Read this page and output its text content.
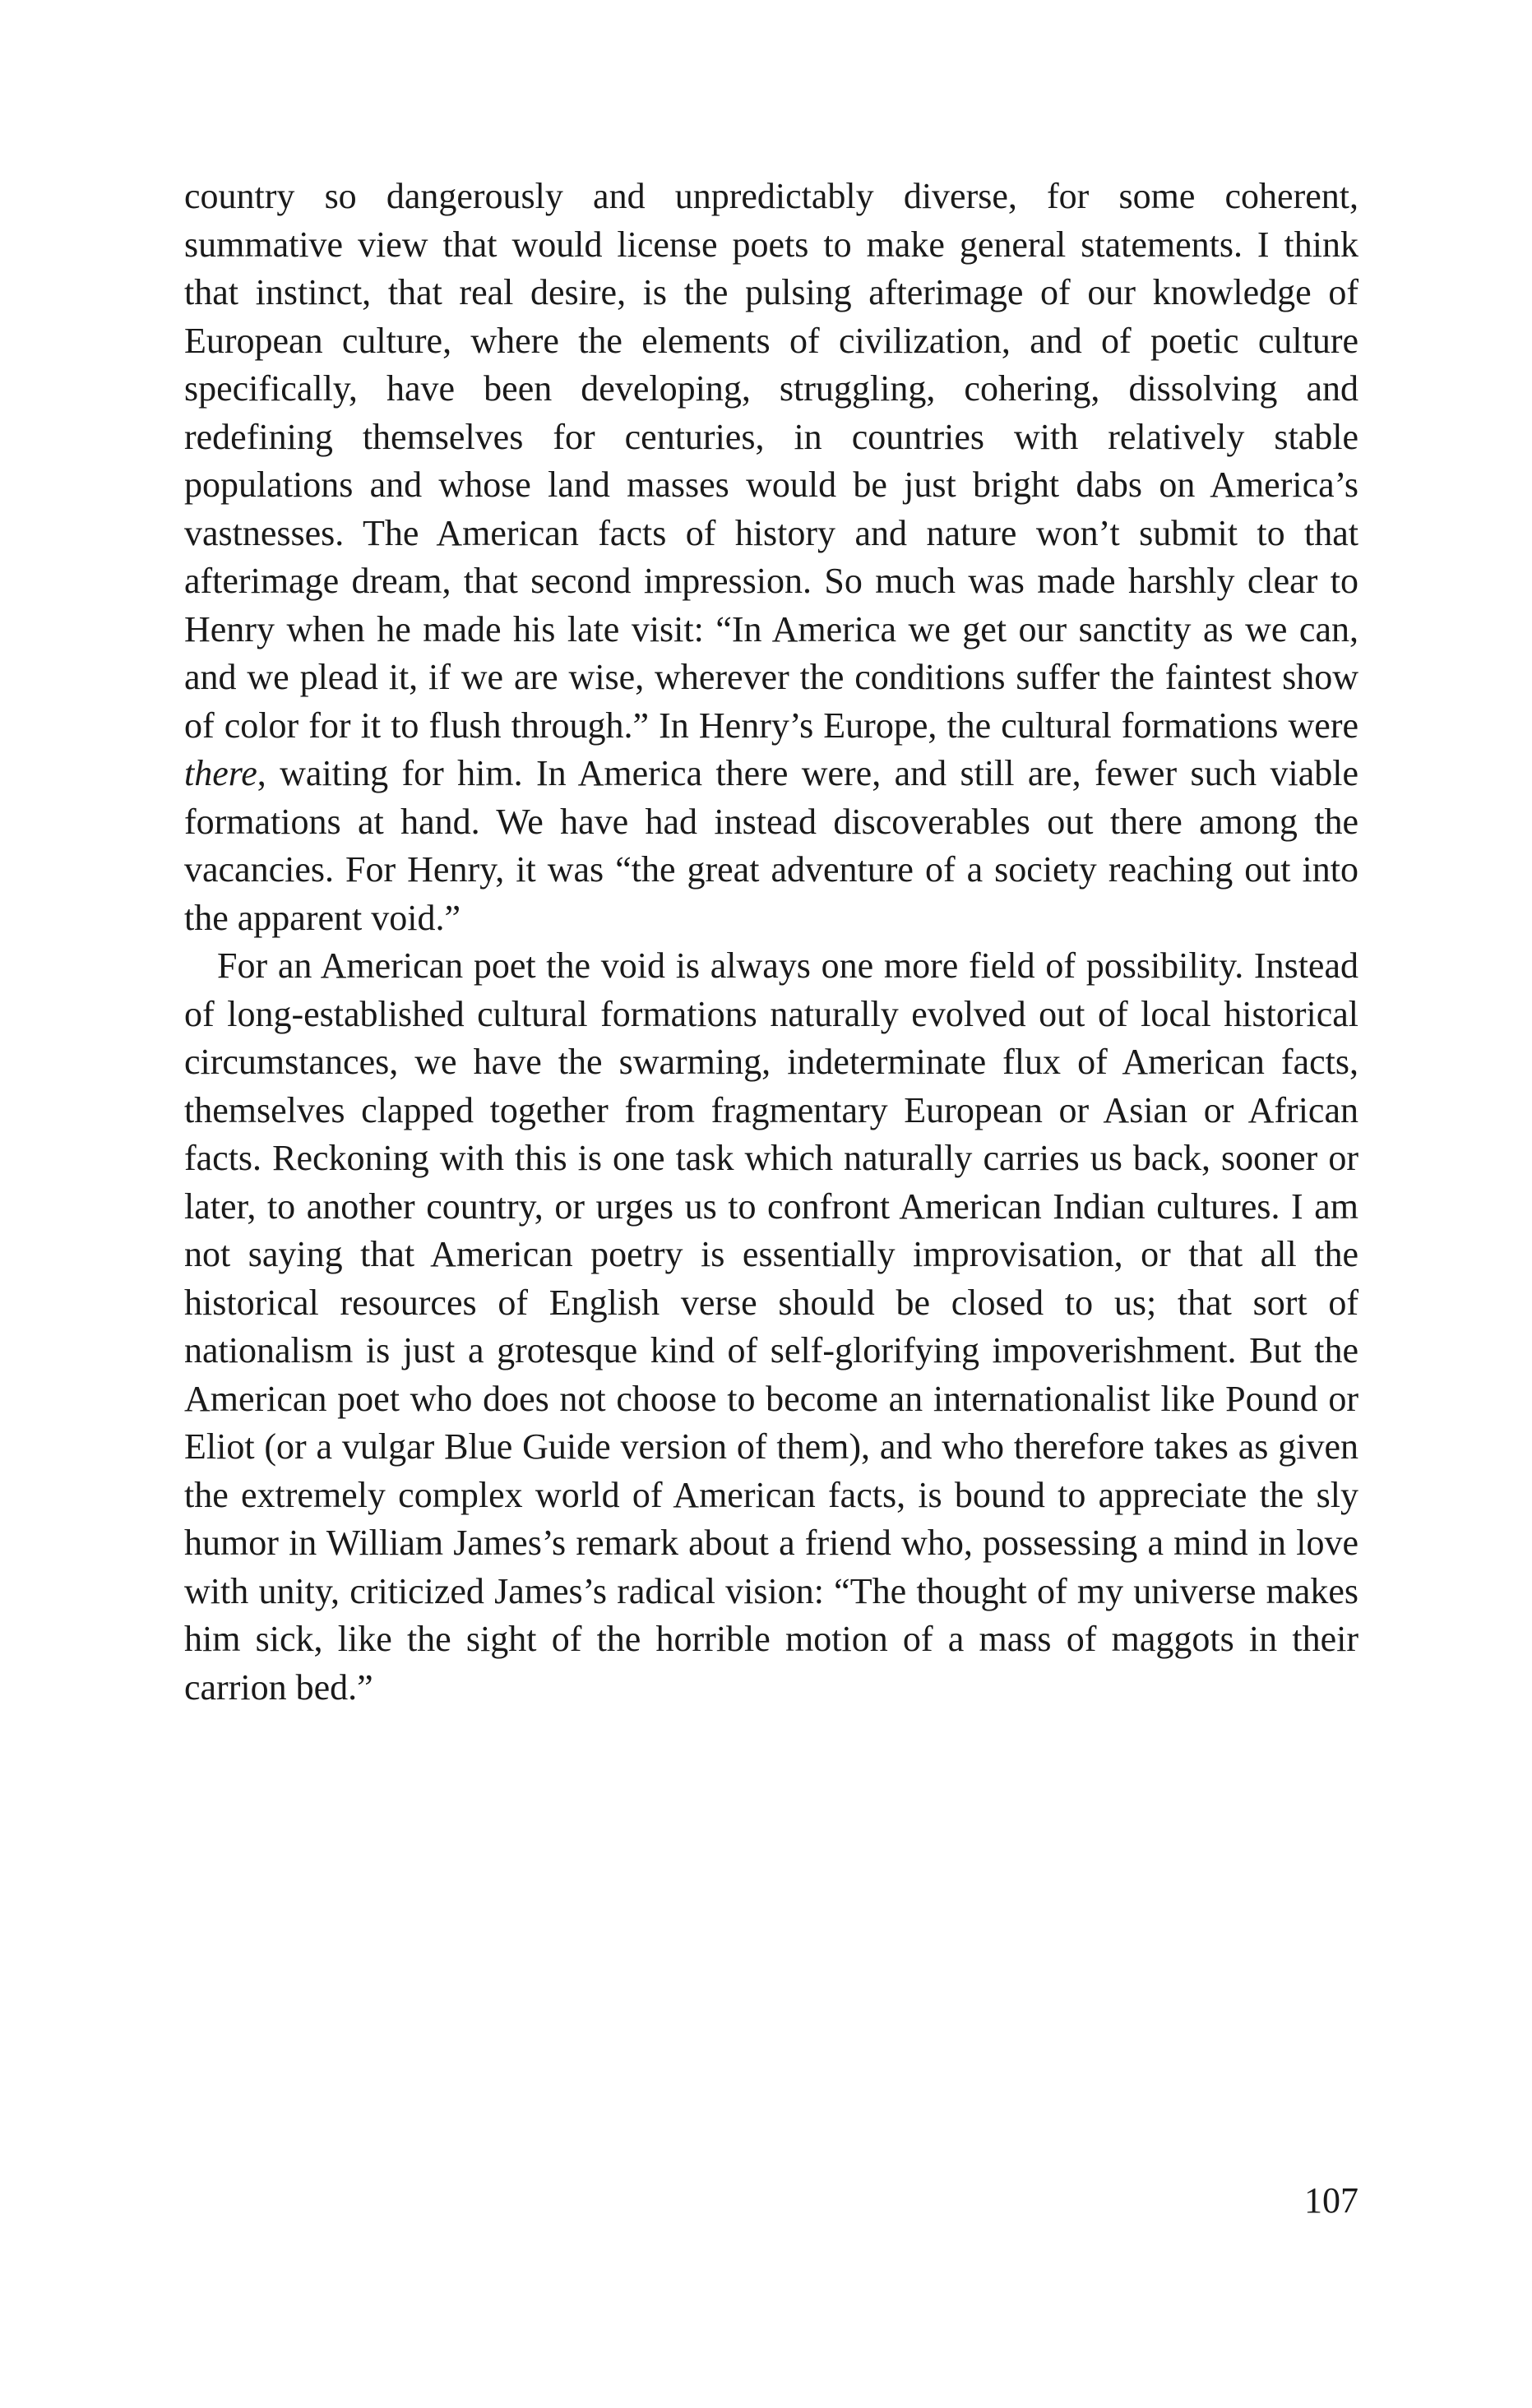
country so dangerously and unpredictably diverse, for some coherent, summative view that would license poets to make general statements. I think that instinct, that real desire, is the pulsing afterimage of our knowledge of European culture, where the elements of civilization, and of poetic culture specifically, have been developing, struggling, cohering, dissolving and redefining themselves for centuries, in countries with relatively stable populations and whose land masses would be just bright dabs on America’s vastnesses. The American facts of history and nature won’t submit to that afterimage dream, that second impression. So much was made harshly clear to Henry when he made his late visit: “In America we get our sanctity as we can, and we plead it, if we are wise, wherever the conditions suffer the faintest show of color for it to flush through.” In Henry’s Europe, the cultural formations were there, waiting for him. In America there were, and still are, fewer such viable formations at hand. We have had instead discoverables out there among the vacancies. For Henry, it was “the great adventure of a society reaching out into the apparent void.”

For an American poet the void is always one more field of possibility. Instead of long-established cultural formations naturally evolved out of local historical circumstances, we have the swarming, indeterminate flux of American facts, themselves clapped together from fragmentary European or Asian or African facts. Reckoning with this is one task which naturally carries us back, sooner or later, to another country, or urges us to confront American Indian cultures. I am not saying that American poetry is essentially improvisation, or that all the historical resources of English verse should be closed to us; that sort of nationalism is just a grotesque kind of self-glorifying impoverishment. But the American poet who does not choose to become an internationalist like Pound or Eliot (or a vulgar Blue Guide version of them), and who therefore takes as given the extremely complex world of American facts, is bound to appreciate the sly humor in William James’s remark about a friend who, possessing a mind in love with unity, criticized James’s radical vision: “The thought of my universe makes him sick, like the sight of the horrible motion of a mass of maggots in their carrion bed.”

107
